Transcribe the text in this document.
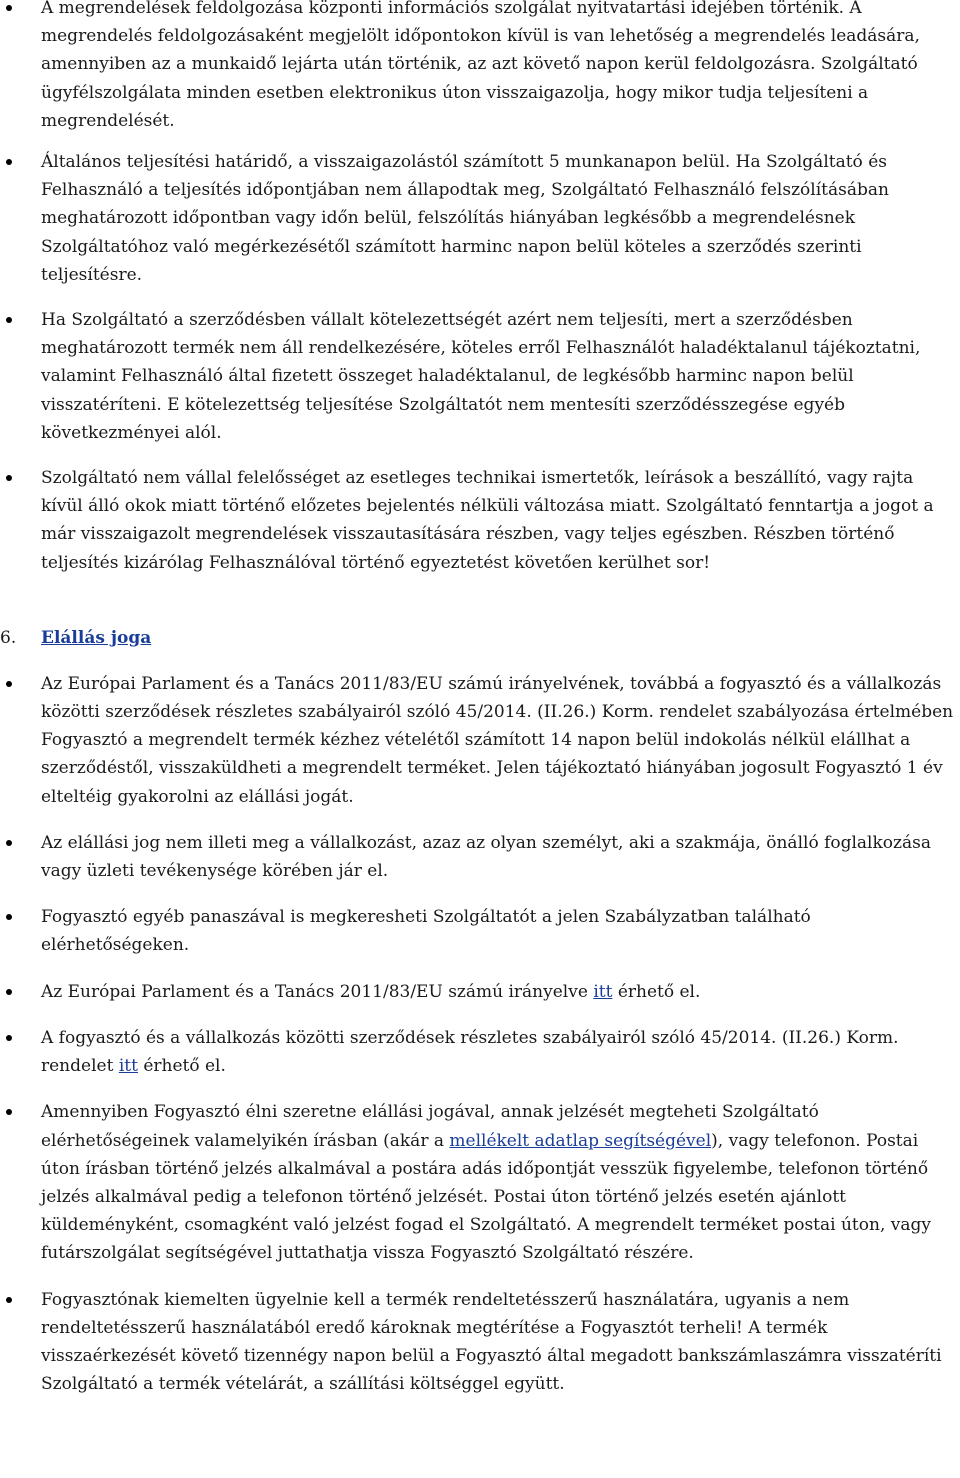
A megrendelések feldolgozása központi információs szolgálat nyitvatartási idejében történik. A megrendelés feldolgozásaként megjelölt időpontokon kívül is van lehetőség a megrendelés leadására, amennyiben az a munkaidő lejárta után történik, az azt követő napon kerül feldolgozásra. Szolgáltató ügyfélszolgálata minden esetben elektronikus úton visszaigazolja, hogy mikor tudja teljesíteni a megrendelését.
Általános teljesítési határidő, a visszaigazolástól számított 5 munkanapon belül. Ha Szolgáltató és Felhasználó a teljesítés időpontjában nem állapodtak meg, Szolgáltató Felhasználó felszólításában meghatározott időpontban vagy időn belül, felszólítás hiányában legkésőbb a megrendelésnek Szolgáltatóhoz való megérkezésétől számított harminc napon belül köteles a szerződés szerinti teljesítésre.
Ha Szolgáltató a szerződésben vállalt kötelezettségét azért nem teljesíti, mert a szerződésben meghatározott termék nem áll rendelkezésére, köteles erről Felhasználót haladéktalanul tájékoztatni, valamint Felhasználó által fizetett összeget haladéktalanul, de legkésőbb harminc napon belül visszatéríteni. E kötelezettség teljesítése Szolgáltatót nem mentesíti szerződésszegése egyéb következményei alól.
Szolgáltató nem vállal felelősséget az esetleges technikai ismertetők, leírások a beszállító, vagy rajta kívül álló okok miatt történő előzetes bejelentés nélküli változása miatt. Szolgáltató fenntartja a jogot a már visszaigazolt megrendelések visszautasítására részben, vagy teljes egészben. Részben történő teljesítés kizárólag Felhasználóval történő egyeztetést követően kerülhet sor!
6. Elállás joga
Az Európai Parlament és a Tanács 2011/83/EU számú irányelvének, továbbá a fogyasztó és a vállalkozás közötti szerződések részletes szabályairól szóló 45/2014. (II.26.) Korm. rendelet szabályozása értelmében Fogyasztó a megrendelt termék kézhez vételétől számított 14 napon belül indokolás nélkül elállhat a szerződéstől, visszaküldheti a megrendelt terméket. Jelen tájékoztató hiányában jogosult Fogyasztó 1 év elteltéig gyakorolni az elállási jogát.
Az elállási jog nem illeti meg a vállalkozást, azaz az olyan személyt, aki a szakmája, önálló foglalkozása vagy üzleti tevékenysége körében jár el.
Fogyasztó egyéb panaszával is megkeresheti Szolgáltatót a jelen Szabályzatban található elérhetőségeken.
Az Európai Parlament és a Tanács 2011/83/EU számú irányelve itt érhető el.
A fogyasztó és a vállalkozás közötti szerződések részletes szabályairól szóló 45/2014. (II.26.) Korm. rendelet itt érhető el.
Amennyiben Fogyasztó élni szeretne elállási jogával, annak jelzését megteheti Szolgáltató elérhetőségeinek valamelyikén írásban (akár a mellékelt adatlap segítségével), vagy telefonon. Postai úton írásban történő jelzés alkalmával a postára adás időpontját vesszük figyelembe, telefonon történő jelzés alkalmával pedig a telefonon történő jelzését. Postai úton történő jelzés esetén ajánlott küldeményként, csomagként való jelzést fogad el Szolgáltató. A megrendelt terméket postai úton, vagy futárszolgálat segítségével juttathatja vissza Fogyasztó Szolgáltató részére.
Fogyasztónak kiemelten ügyelnie kell a termék rendeltetésszerű használatára, ugyanis a nem rendeltetésszerű használatából eredő károknak megtérítése a Fogyasztót terheli! A termék visszaérkezését követő tizennégy napon belül a Fogyasztó által megadott bankszámlaszámra visszatéríti Szolgáltató a termék vételárát, a szállítási költséggel együtt.
